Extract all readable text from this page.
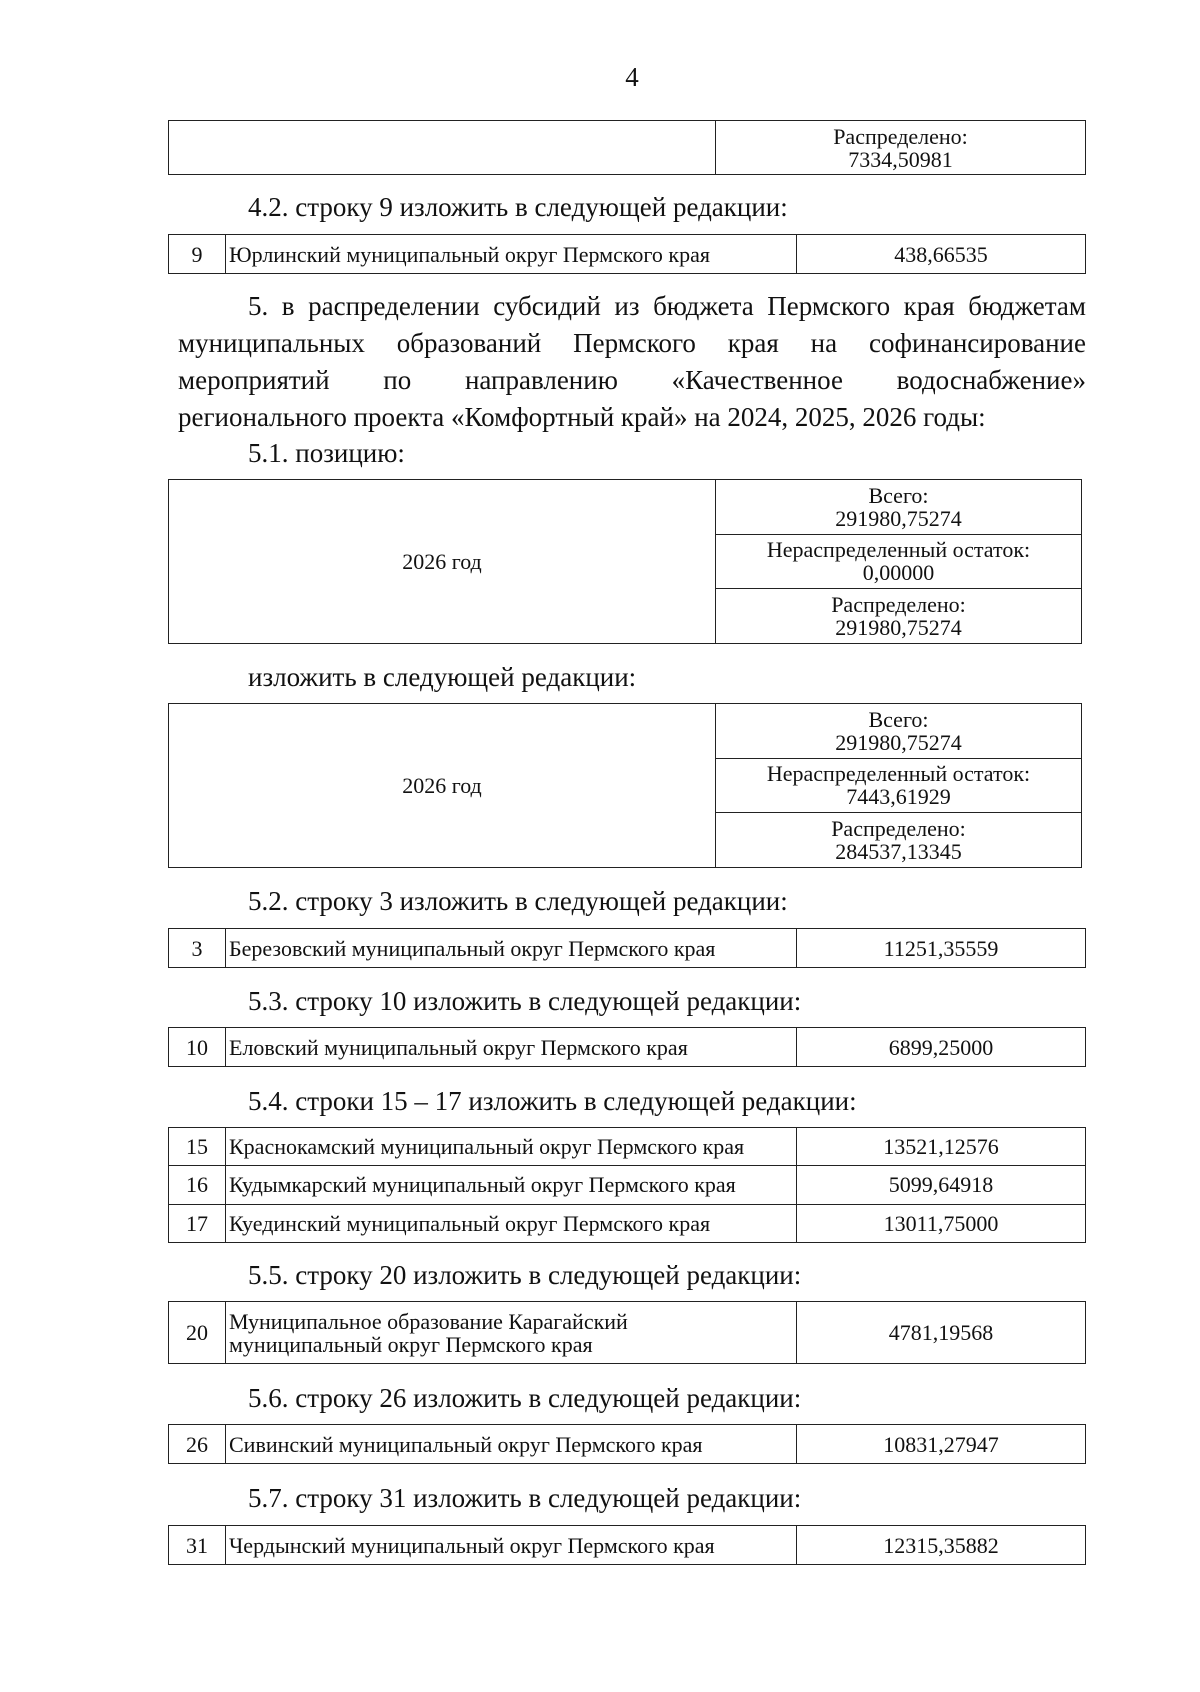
4

Распределено:
7334,50981
4.2. строку 9 изложить в следующей редакции:
9	Юрлинский муниципальный округ Пермского края	438,66535
5. в распределении субсидий из бюджета Пермского края бюджетам
муниципальных образований Пермского края на софинансирование
мероприятий по направлению «Качественное водоснабжение»
регионального проекта «Комфортный край» на 2024, 2025, 2026 годы:
5.1. позицию:
2026 год	
Всего:
291980,75274

Нераспределенный остаток:
0,00000

Распределено:
291980,75274
изложить в следующей редакции:
2026 год	
Всего:
291980,75274

Нераспределенный остаток:
7443,61929

Распределено:
284537,13345
5.2. строку 3 изложить в следующей редакции:
3	Березовский муниципальный округ Пермского края	11251,35559
5.3. строку 10 изложить в следующей редакции:
10	Еловский муниципальный округ Пермского края	6899,25000
5.4. строки 15 – 17 изложить в следующей редакции:
15	Краснокамский муниципальный округ Пермского края	13521,12576
16	Кудымкарский муниципальный округ Пермского края	5099,64918
17	Куединский муниципальный округ Пермского края	13011,75000
5.5. строку 20 изложить в следующей редакции:
20	Муниципальное образование Карагайский
муниципальный округ Пермского края	4781,19568
5.6. строку 26 изложить в следующей редакции:
26	Сивинский муниципальный округ Пермского края	10831,27947
5.7. строку 31 изложить в следующей редакции:
31	Чердынский муниципальный округ Пермского края	12315,35882
